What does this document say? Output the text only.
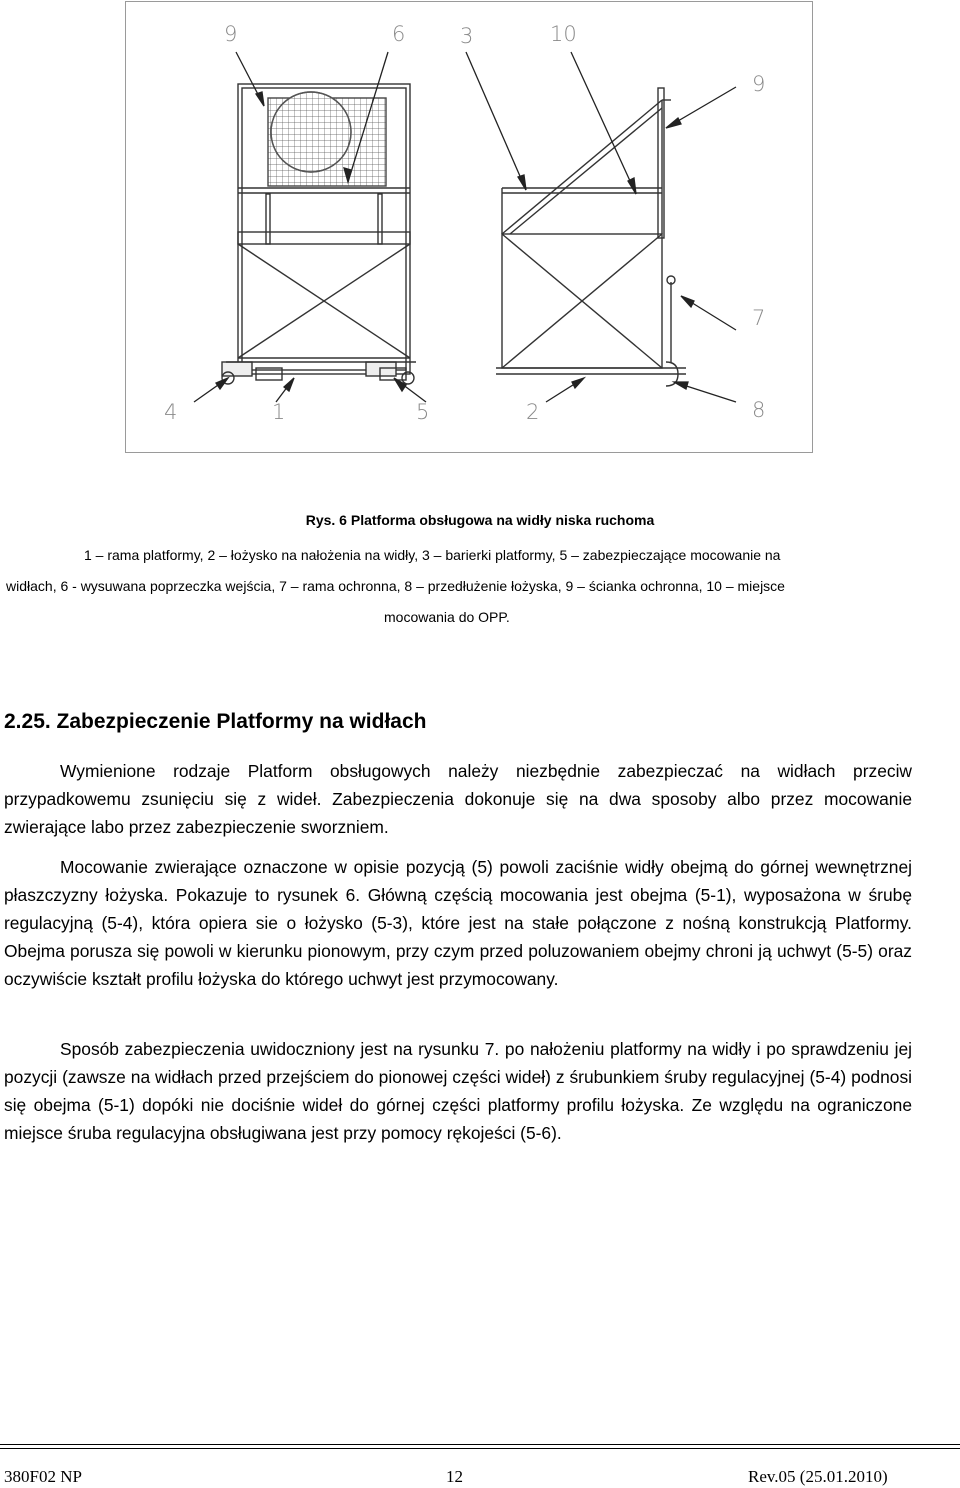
9	6	3	10
9
7
4	1	5	2	8
Rys. 6 Platforma obsługowa na widły niska ruchoma
1 – rama platformy, 2 – łożysko na nałożenia na widły, 3 – barierki platformy, 5 – zabezpieczające mocowanie na
widłach, 6 - wysuwana poprzeczka wejścia, 7 – rama ochronna, 8 – przedłużenie łożyska, 9 – ścianka ochronna, 10 – miejsce
mocowania do OPP.
2.25. Zabezpieczenie Platformy na widłach
Wymienione rodzaje Platform obsługowych należy niezbędnie zabezpieczać na widłach przeciw przypadkowemu zsunięciu się z wideł. Zabezpieczenia dokonuje się na dwa sposoby albo przez mocowanie zwierające labo przez zabezpieczenie sworzniem.
Mocowanie zwierające oznaczone w opisie pozycją (5) powoli zaciśnie widły obejmą do górnej wewnętrznej płaszczyzny łożyska. Pokazuje to rysunek 6. Główną częścią mocowania jest obejma (5-1), wyposażona w śrubę regulacyjną (5-4), która opiera sie o łożysko (5-3), które jest na stałe połączone z nośną konstrukcją Platformy. Obejma porusza się powoli w kierunku pionowym, przy czym przed poluzowaniem obejmy chroni ją uchwyt (5-5) oraz oczywiście kształt profilu łożyska do którego uchwyt jest przymocowany.
Sposób zabezpieczenia uwidoczniony jest na rysunku 7. po nałożeniu platformy na widły i po sprawdzeniu jej pozycji (zawsze na widłach przed przejściem do pionowej części wideł) z śrubunkiem śruby regulacyjnej (5-4) podnosi się obejma (5-1) dopóki nie dociśnie wideł do górnej części platformy profilu łożyska. Ze względu na ograniczone miejsce śruba regulacyjna obsługiwana jest przy pomocy rękojeści (5-6).
380F02 NP	12	Rev.05 (25.01.2010)
